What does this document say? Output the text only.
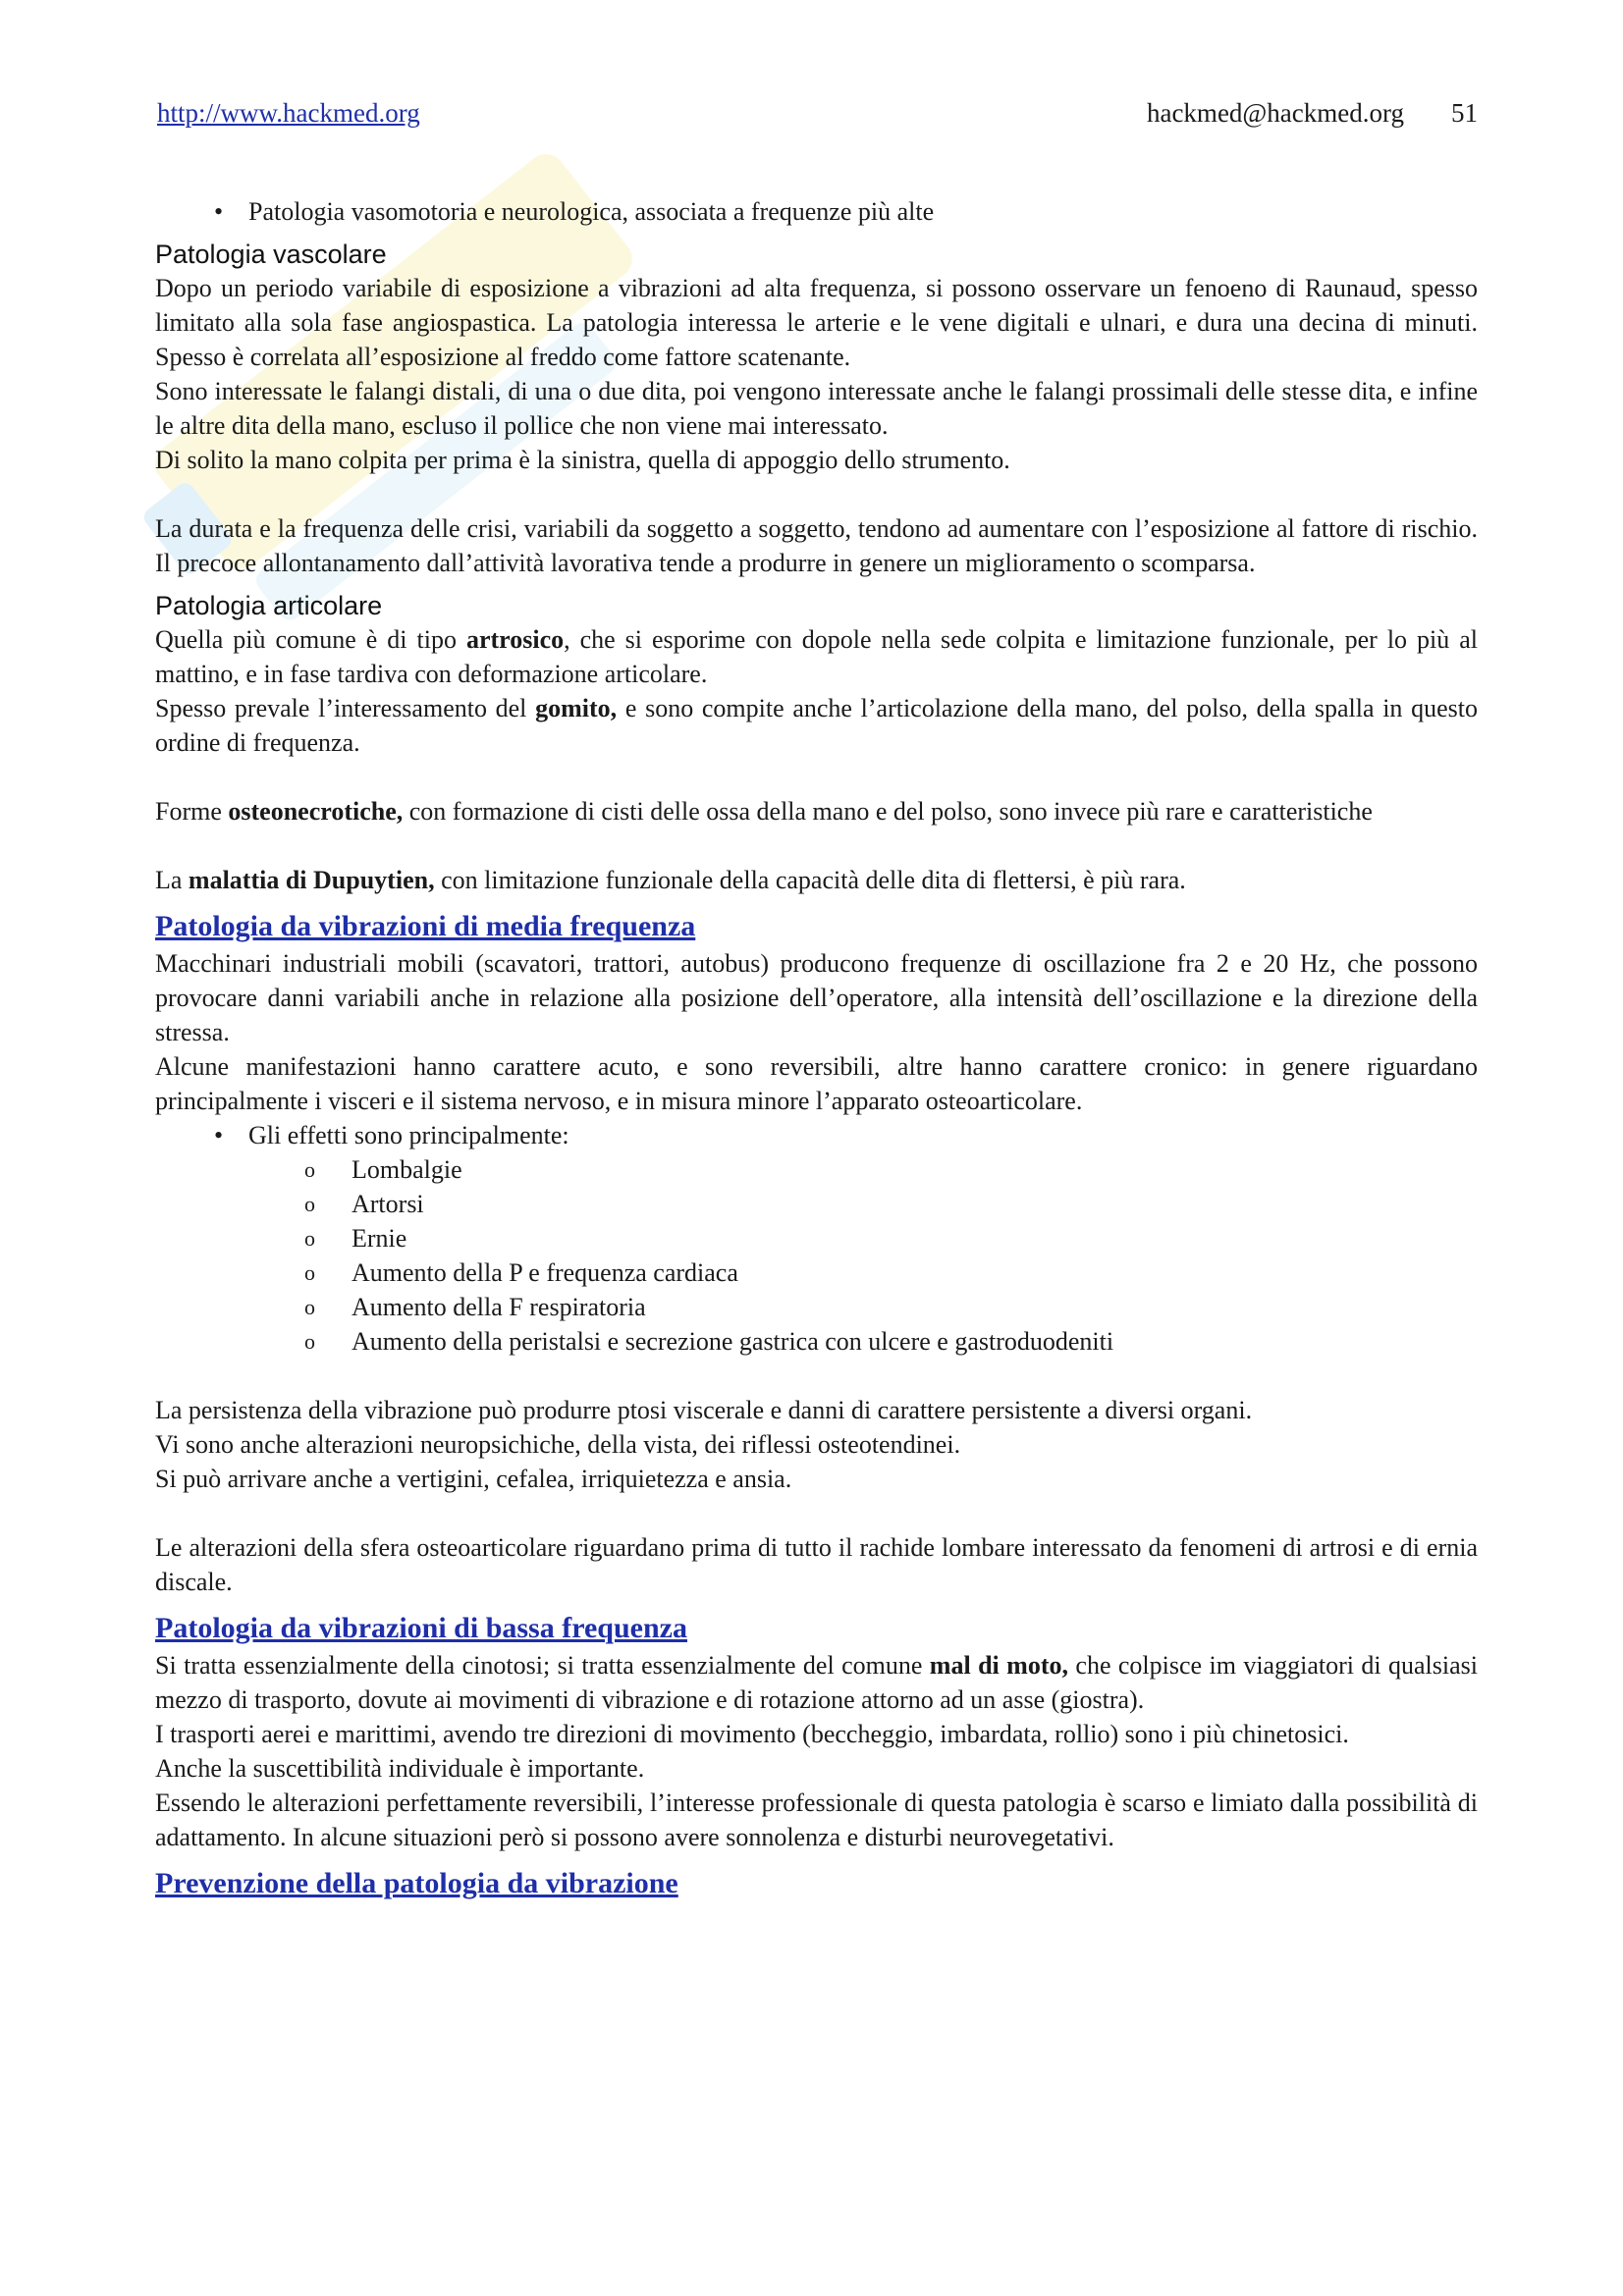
http://www.hackmed.org	hackmed@hackmed.org 51
• Patologia vasomotoria e neurologica, associata a frequenze più alte
Patologia vascolare

Dopo un periodo variabile di esposizione a vibrazioni ad alta frequenza, si possono osservare un fenoeno di Raunaud, spesso limitato alla sola fase angiospastica. La patologia interessa le arterie e le vene digitali e ulnari, e dura una decina di minuti. Spesso è correlata all’esposizione al freddo come fattore scatenante.

Sono interessate le falangi distali, di una o due dita, poi vengono interessate anche le falangi prossimali delle stesse dita, e infine le altre dita della mano, escluso il pollice che non viene mai interessato.

Di solito la mano colpita per prima è la sinistra, quella di appoggio dello strumento.

La durata e la frequenza delle crisi, variabili da soggetto a soggetto, tendono ad aumentare con l’esposizione al fattore di rischio. Il precoce allontanamento dall’attività lavorativa tende a produrre in genere un miglioramento o scomparsa.

Patologia articolare

Quella più comune è di tipo artrosico, che si esporime con dopole nella sede colpita e limitazione funzionale, per lo più al mattino, e in fase tardiva con deformazione articolare.

Spesso prevale l’interessamento del gomito, e sono compite anche l’articolazione della mano, del polso, della spalla in questo ordine di frequenza.

Forme osteonecrotiche, con formazione di cisti delle ossa della mano e del polso, sono invece più rare e caratteristiche

La malattia di Dupuytien, con limitazione funzionale della capacità delle dita di flettersi, è più rara.

Patologia da vibrazioni di media frequenza

Macchinari industriali mobili (scavatori, trattori, autobus) producono frequenze di oscillazione fra 2 e 20 Hz, che possono provocare danni variabili anche in relazione alla posizione dell’operatore, alla intensità dell’oscillazione e la direzione della stressa.

Alcune manifestazioni hanno carattere acuto, e sono reversibili, altre hanno carattere cronico: in genere riguardano principalmente i visceri e il sistema nervoso, e in misura minore l’apparato osteoarticolare.

• Gli effetti sono principalmente:
o Lombalgie
o Artorsi
o Ernie
o Aumento della P e frequenza cardiaca
o Aumento della F respiratoria
o Aumento della peristalsi e secrezione gastrica con ulcere e gastroduodeniti

La persistenza della vibrazione può produrre ptosi viscerale e danni di carattere persistente a diversi organi.

Vi sono anche alterazioni neuropsichiche, della vista, dei riflessi osteotendinei.

Si può arrivare anche a vertigini, cefalea, irriquietezza e ansia.

Le alterazioni della sfera osteoarticolare riguardano prima di tutto il rachide lombare interessato da fenomeni di artrosi e di ernia discale.

Patologia da vibrazioni di bassa frequenza

Si tratta essenzialmente della cinotosi; si tratta essenzialmente del comune mal di moto, che colpisce im viaggiatori di qualsiasi mezzo di trasporto, dovute ai movimenti di vibrazione e di rotazione attorno ad un asse (giostra).

I trasporti aerei e marittimi, avendo tre direzioni di movimento (beccheggio, imbardata, rollio) sono i più chinetosici.

Anche la suscettibilità individuale è importante.

Essendo le alterazioni perfettamente reversibili, l’interesse professionale di questa patologia è scarso e limiato dalla possibilità di adattamento. In alcune situazioni però si possono avere sonnolenza e disturbi neurovegetativi.

Prevenzione della patologia da vibrazione
